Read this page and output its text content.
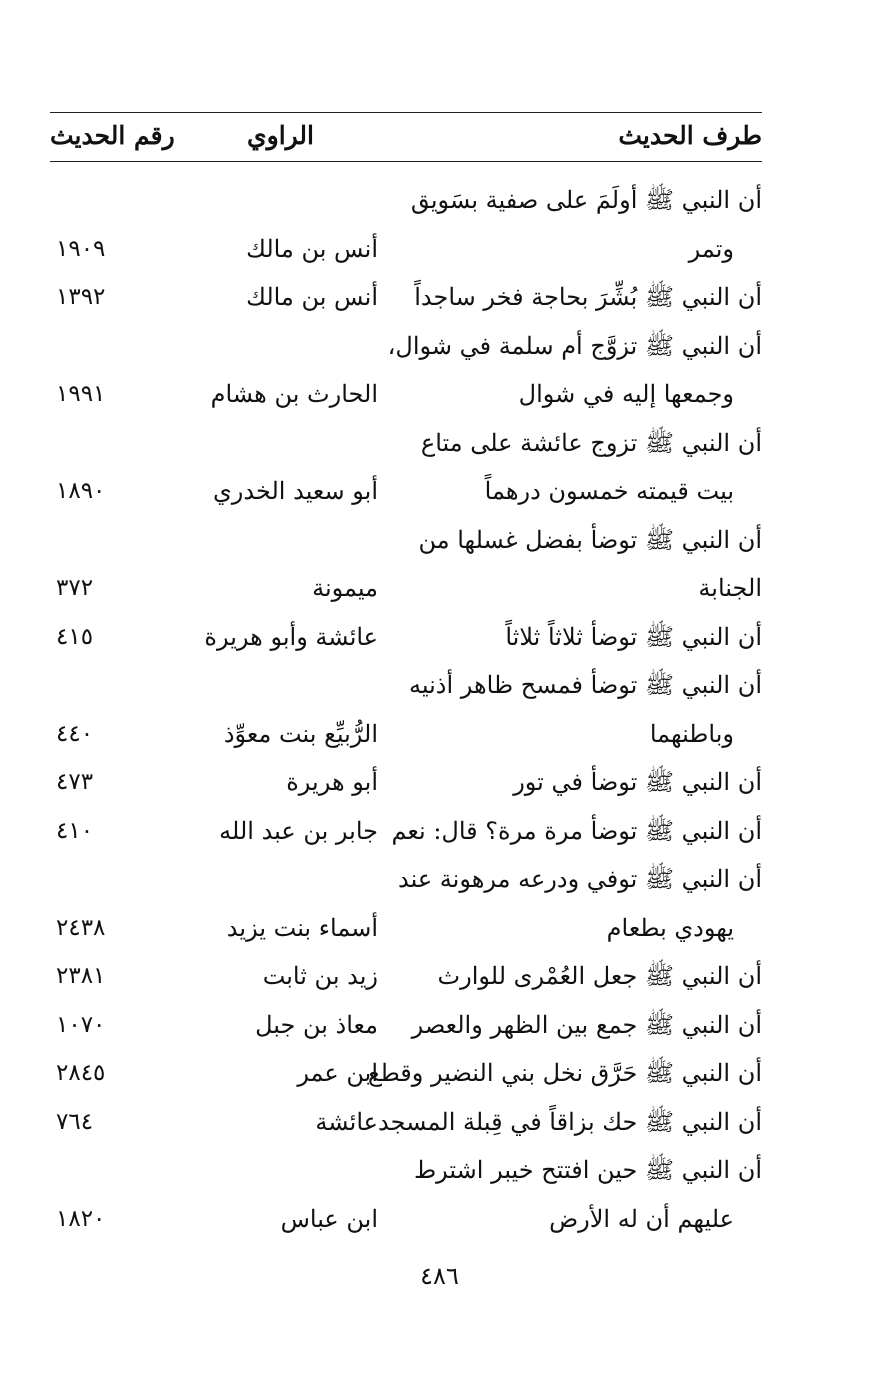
طرف الحديث
الراوي
رقم الحديث
أن النبي ﷺ أولَمَ على صفية بسَويق
وتمر
أنس بن مالك
١٩٠٩
أن النبي ﷺ بُشِّرَ بحاجة فخر ساجداً
أنس بن مالك
١٣٩٢
أن النبي ﷺ تزوَّج أم سلمة في شوال،
وجمعها إليه في شوال
الحارث بن هشام
١٩٩١
أن النبي ﷺ تزوج عائشة على متاع
بيت قيمته خمسون درهماً
أبو سعيد الخدري
١٨٩٠
أن النبي ﷺ توضأ بفضل غسلها من
الجنابة
ميمونة
٣٧٢
أن النبي ﷺ توضأ ثلاثاً ثلاثاً
عائشة وأبو هريرة
٤١٥
أن النبي ﷺ توضأ فمسح ظاهر أذنيه
وباطنهما
الرُّبيِّع بنت معوِّذ
٤٤٠
أن النبي ﷺ توضأ في تور
أبو هريرة
٤٧٣
أن النبي ﷺ توضأ مرة مرة؟ قال: نعم
جابر بن عبد الله
٤١٠
أن النبي ﷺ توفي ودرعه مرهونة عند
يهودي بطعام
أسماء بنت يزيد
٢٤٣٨
أن النبي ﷺ جعل العُمْرى للوارث
زيد بن ثابت
٢٣٨١
أن النبي ﷺ جمع بين الظهر والعصر
معاذ بن جبل
١٠٧٠
أن النبي ﷺ حَرَّق نخل بني النضير وقطع
ابن عمر
٢٨٤٥
أن النبي ﷺ حك بزاقاً في قِبلة المسجد
عائشة
٧٦٤
أن النبي ﷺ حين افتتح خيبر اشترط
عليهم أن له الأرض
ابن عباس
١٨٢٠
٤٨٦
